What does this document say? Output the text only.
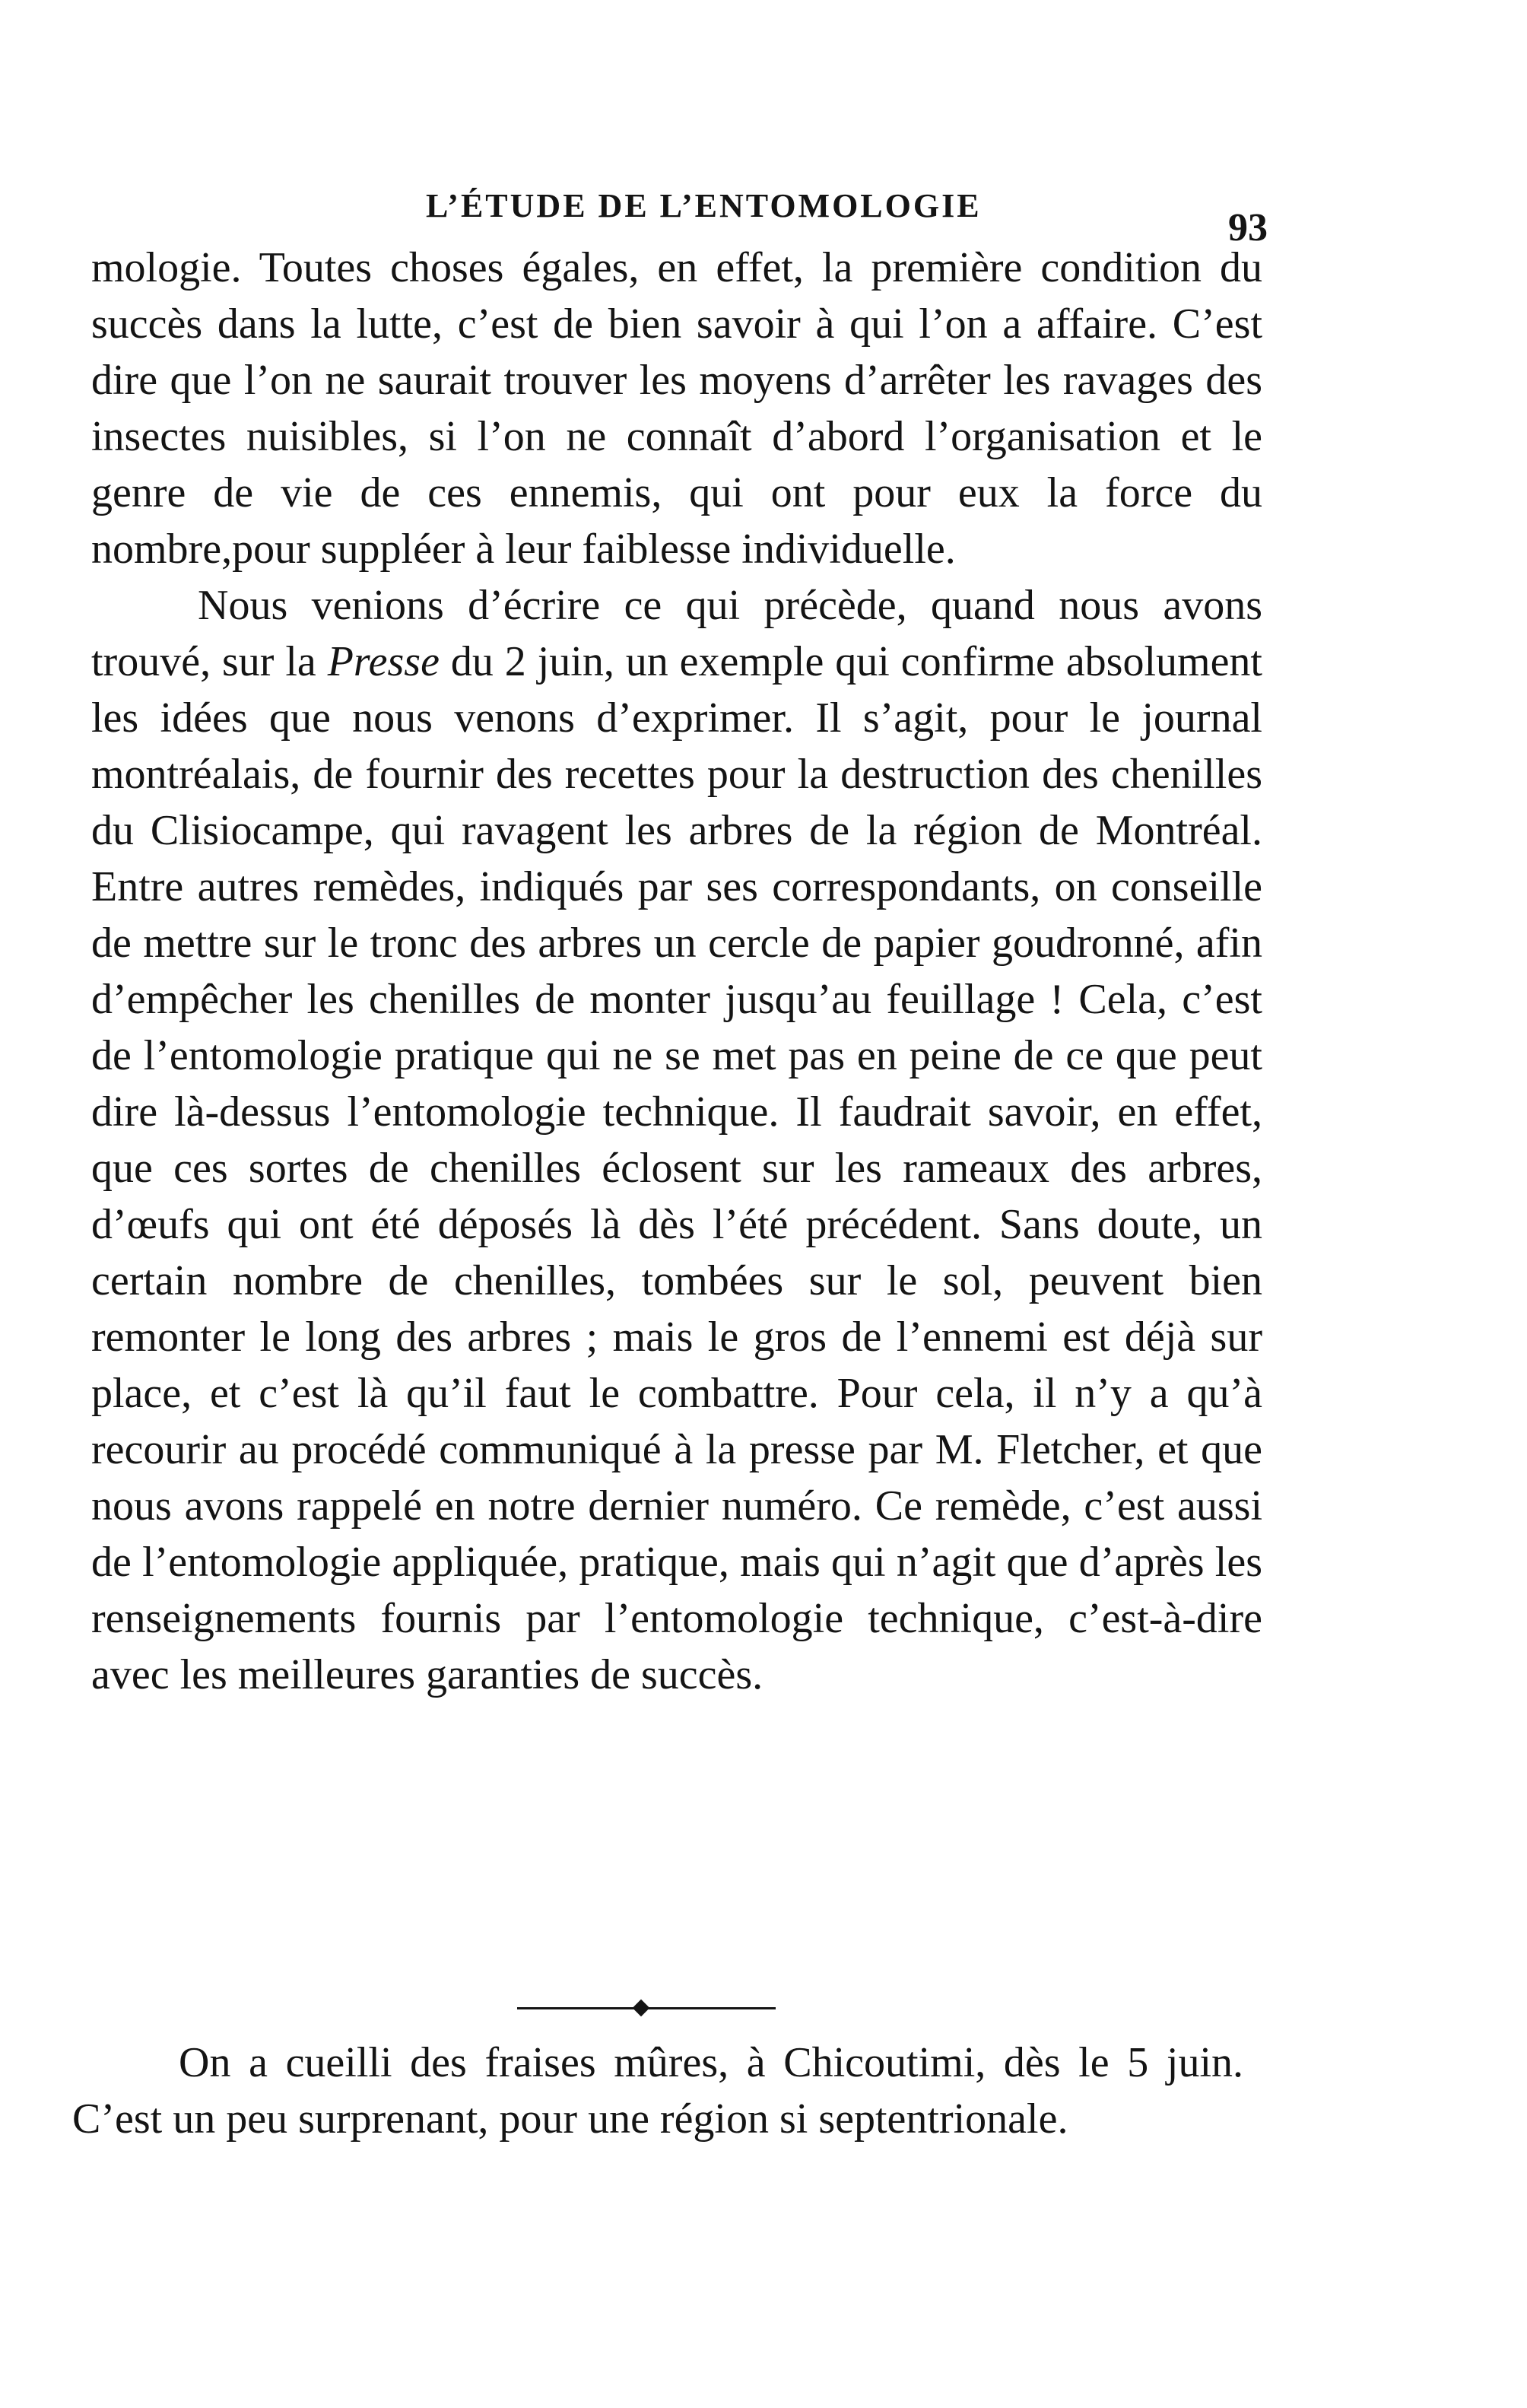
L’ÉTUDE DE L’ENTOMOLOGIE
93

mologie. Toutes choses égales, en effet, la première condition du succès dans la lutte, c’est de bien savoir à qui l’on a affaire. C’est dire que l’on ne saurait trouver les moyens d’arrêter les ravages des insectes nuisibles, si l’on ne connaît d’abord l’organisation et le genre de vie de ces ennemis, qui ont pour eux la force du nombre,pour suppléer à leur faiblesse individuelle.

Nous venions d’écrire ce qui précède, quand nous avons trouvé, sur la Presse du 2 juin, un exemple qui confirme absolument les idées que nous venons d’exprimer. Il s’agit, pour le journal montréalais, de fournir des recettes pour la destruction des chenilles du Clisiocampe, qui ravagent les arbres de la région de Montréal. Entre autres remèdes, indiqués par ses correspondants, on conseille de mettre sur le tronc des arbres un cercle de papier goudronné, afin d’empêcher les chenilles de monter jusqu’au feuillage ! Cela, c’est de l’entomologie pratique qui ne se met pas en peine de ce que peut dire là-dessus l’entomologie technique. Il faudrait savoir, en effet, que ces sortes de chenilles éclosent sur les rameaux des arbres, d’œufs qui ont été déposés là dès l’été précédent. Sans doute, un certain nombre de chenilles, tombées sur le sol, peuvent bien remonter le long des arbres ; mais le gros de l’ennemi est déjà sur place, et c’est là qu’il faut le combattre. Pour cela, il n’y a qu’à recourir au procédé communiqué à la presse par M. Fletcher, et que nous avons rappelé en notre dernier numéro. Ce remède, c’est aussi de l’entomologie appliquée, pratique, mais qui n’agit que d’après les renseignements fournis par l’entomologie technique, c’est-à-dire avec les meilleures garanties de succès.

On a cueilli des fraises mûres, à Chicoutimi, dès le 5 juin. C’est un peu surprenant, pour une région si septentrionale.
